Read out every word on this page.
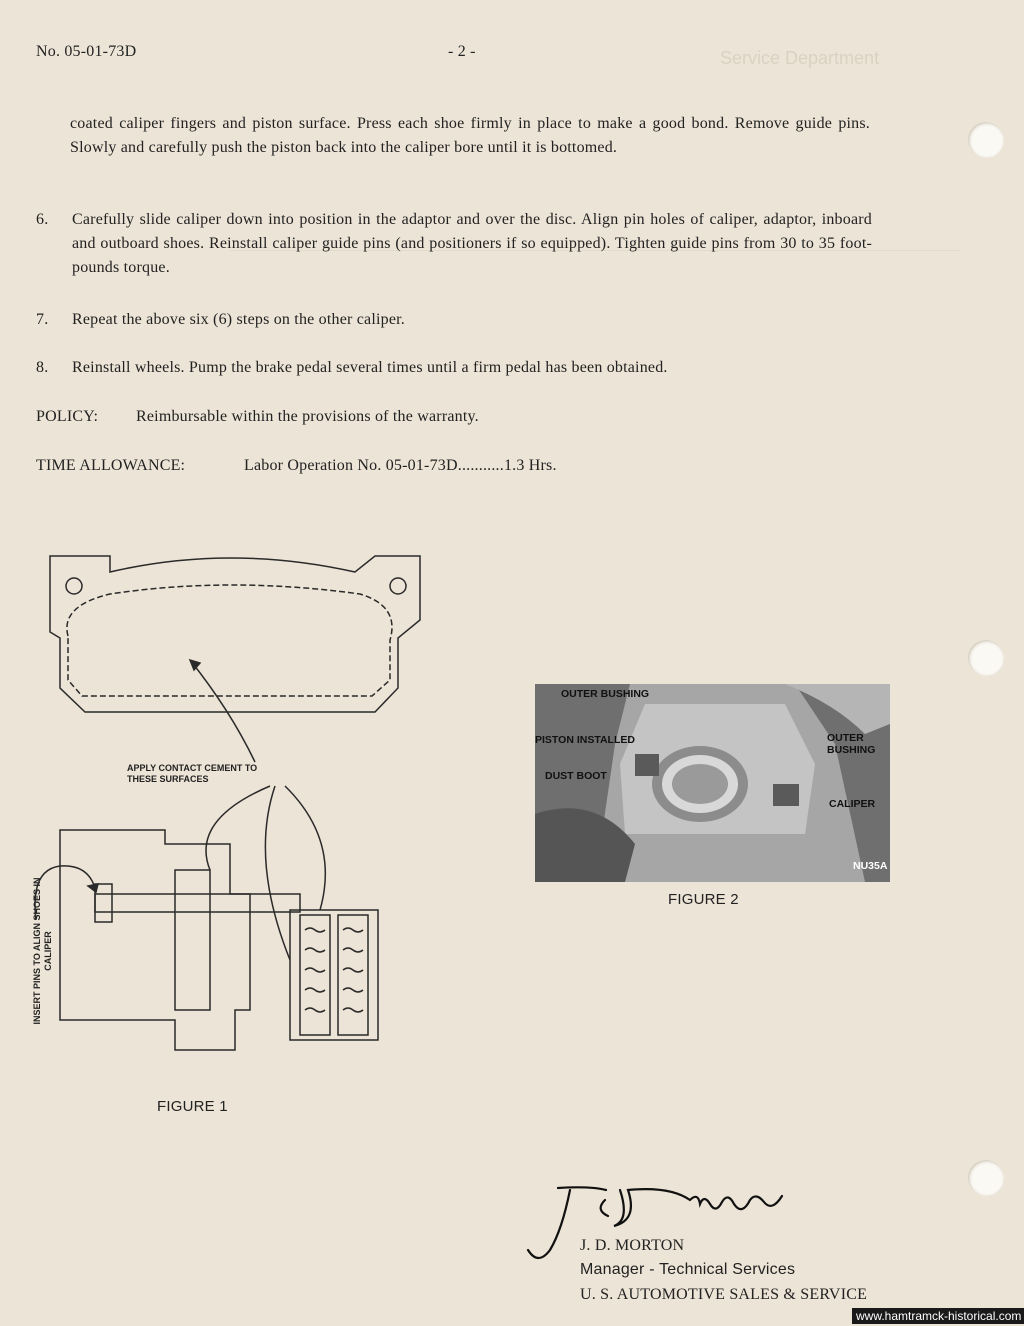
Service Department
No. 05-01-73D	- 2 -
coated caliper fingers and piston surface. Press each shoe firmly in place to make a good bond. Remove guide pins. Slowly and carefully push the piston back into the caliper bore until it is bottomed.
6. Carefully slide caliper down into position in the adaptor and over the disc. Align pin holes of caliper, adaptor, inboard and outboard shoes. Reinstall caliper guide pins (and positioners if so equipped). Tighten guide pins from 30 to 35 foot-pounds torque.
7. Repeat the above six (6) steps on the other caliper.
8. Reinstall wheels. Pump the brake pedal several times until a firm pedal has been obtained.
POLICY: Reimbursable within the provisions of the warranty.
TIME ALLOWANCE:	Labor Operation No. 05-01-73D...........1.3 Hrs.
APPLY CONTACT CEMENT TO THESE SURFACES
INSERT PINS TO ALIGN SHOES IN CALIPER
FIGURE 1
OUTER BUSHING
PISTON INSTALLED
DUST BOOT
OUTER BUSHING
CALIPER
NU35A
FIGURE 2
J. D. MORTON
Manager - Technical Services
U. S. AUTOMOTIVE SALES & SERVICE
www.hamtramck-historical.com
